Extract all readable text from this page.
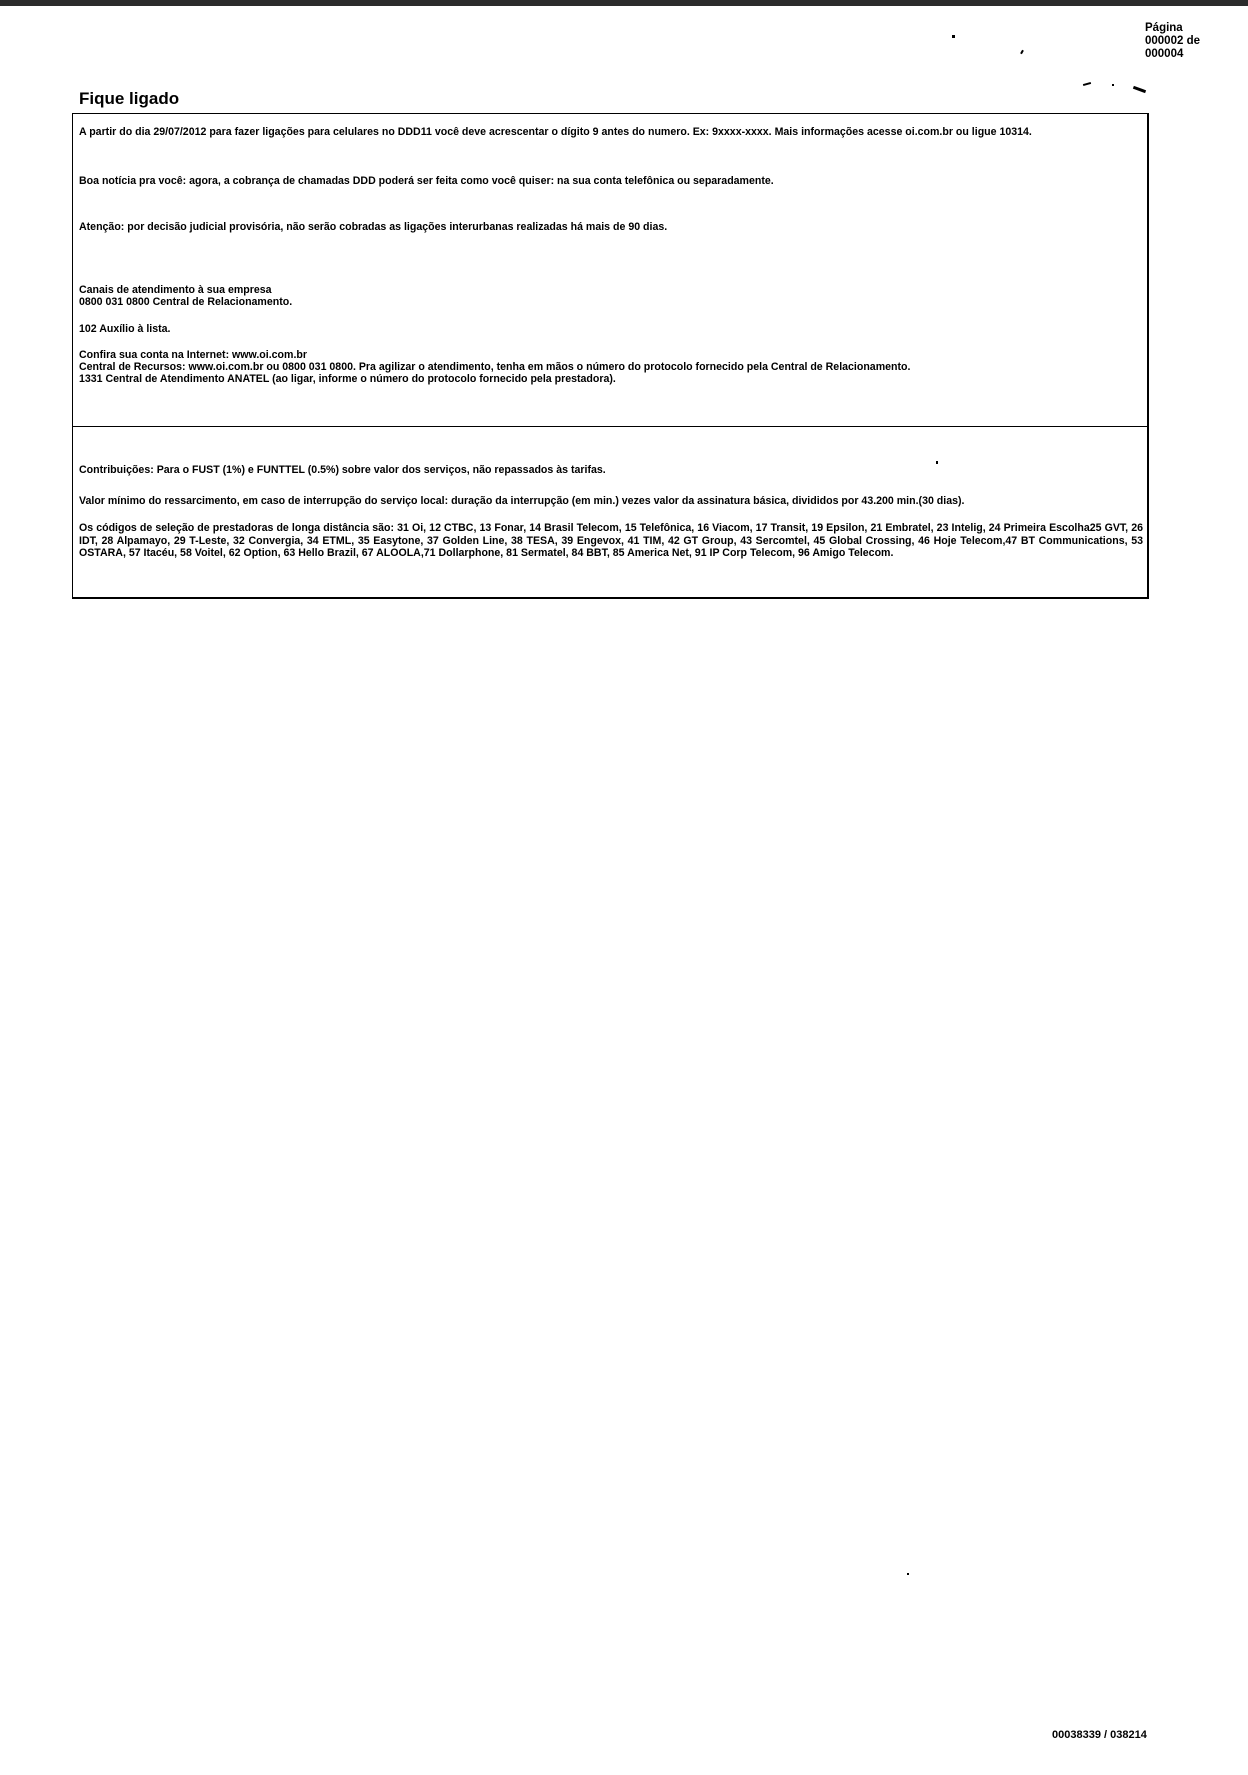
Página
000002 de
000004
Fique ligado
A partir do dia 29/07/2012 para fazer ligações para celulares no DDD11 você deve acrescentar o dígito 9 antes do numero. Ex: 9xxxx-xxxx. Mais informações acesse oi.com.br ou ligue 10314.
Boa notícia pra você: agora, a cobrança de chamadas DDD poderá ser feita como você quiser: na sua conta telefônica ou separadamente.
Atenção: por decisão judicial provisória, não serão cobradas as ligações interurbanas realizadas há mais de 90 dias.
Canais de atendimento à sua empresa
0800 031 0800 Central de Relacionamento.
102 Auxílio à lista.
Confira sua conta na Internet: www.oi.com.br
Central de Recursos: www.oi.com.br ou 0800 031 0800. Pra agilizar o atendimento, tenha em mãos o número do protocolo fornecido pela Central de Relacionamento.
1331 Central de Atendimento ANATEL (ao ligar, informe o número do protocolo fornecido pela prestadora).
Contribuições: Para o FUST (1%) e FUNTTEL (0.5%) sobre valor dos serviços, não repassados às tarifas.
Valor mínimo do ressarcimento, em caso de interrupção do serviço local: duração da interrupção (em min.) vezes valor da assinatura básica, divididos por 43.200 min.(30 dias).
Os códigos de seleção de prestadoras de longa distância são: 31 Oi, 12 CTBC, 13 Fonar, 14 Brasil Telecom, 15 Telefônica, 16 Viacom, 17 Transit, 19 Epsilon, 21 Embratel, 23 Intelig, 24 Primeira Escolha25 GVT, 26 IDT, 28 Alpamayo, 29 T-Leste, 32 Convergia, 34 ETML, 35 Easytone, 37 Golden Line, 38 TESA, 39 Engevox, 41 TIM, 42 GT Group, 43 Sercomtel, 45 Global Crossing, 46 Hoje Telecom,47 BT Communications, 53 OSTARA, 57 Itacéu, 58 Voitel, 62 Option, 63 Hello Brazil, 67 ALOOLA,71 Dollarphone, 81 Sermatel, 84 BBT, 85 America Net, 91 IP Corp Telecom, 96 Amigo Telecom.
00038339 / 038214
